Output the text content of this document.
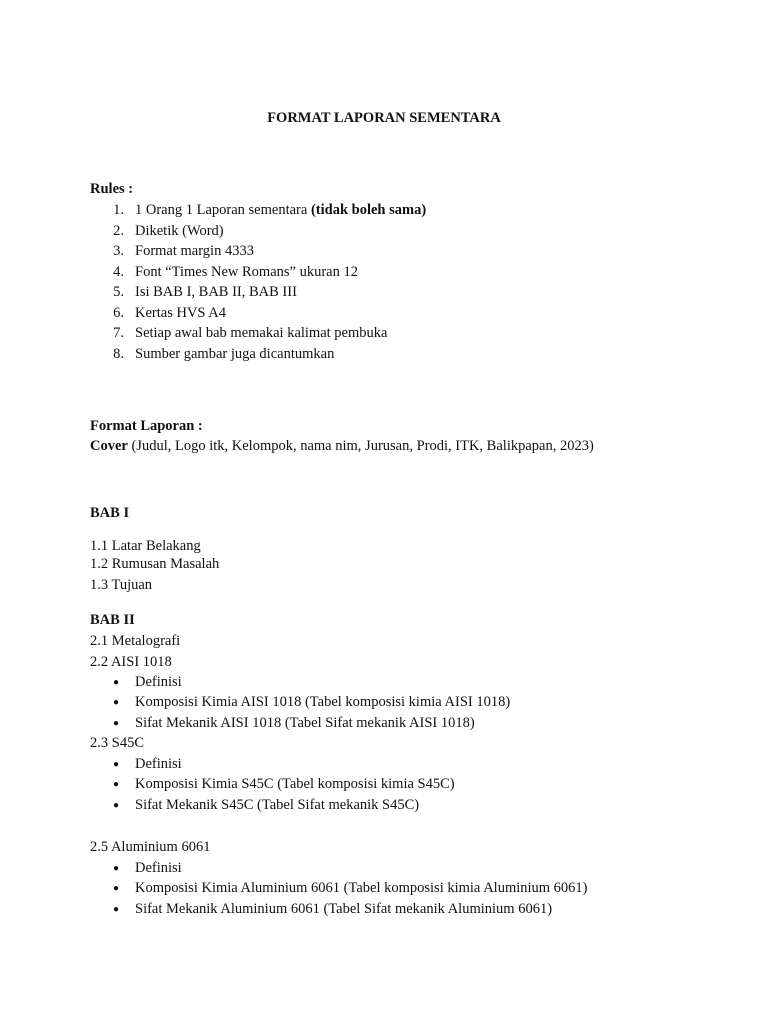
FORMAT LAPORAN SEMENTARA
Rules :
1. 1 Orang 1 Laporan sementara (tidak boleh sama)
2. Diketik (Word)
3. Format margin 4333
4. Font “Times New Romans” ukuran 12
5. Isi BAB I, BAB II, BAB III
6. Kertas HVS A4
7. Setiap awal bab memakai kalimat pembuka
8. Sumber gambar juga dicantumkan
Format Laporan :
Cover (Judul, Logo itk, Kelompok, nama nim, Jurusan, Prodi, ITK, Balikpapan, 2023)
BAB I
1.1 Latar Belakang
1.2 Rumusan Masalah
1.3 Tujuan
BAB II
2.1 Metalografi
2.2 AISI 1018
● Definisi
● Komposisi Kimia AISI 1018 (Tabel komposisi kimia AISI 1018)
● Sifat Mekanik AISI 1018 (Tabel Sifat mekanik AISI 1018)
2.3 S45C
● Definisi
● Komposisi Kimia S45C (Tabel komposisi kimia S45C)
● Sifat Mekanik S45C (Tabel Sifat mekanik S45C)
2.5 Aluminium 6061
● Definisi
● Komposisi Kimia Aluminium 6061 (Tabel komposisi kimia Aluminium 6061)
● Sifat Mekanik Aluminium 6061 (Tabel Sifat mekanik Aluminium 6061)
